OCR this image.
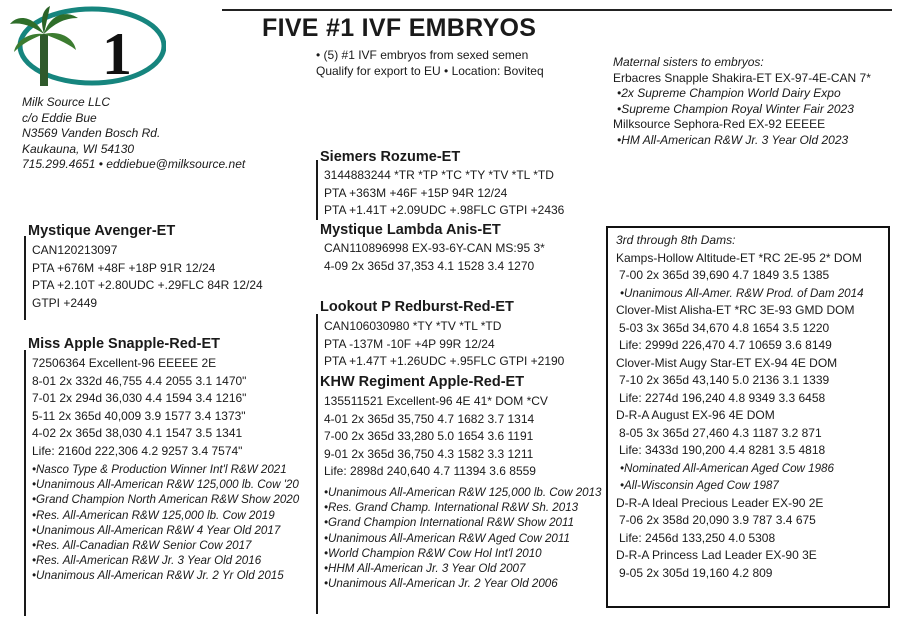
FIVE #1 IVF EMBRYOS
1
Milk Source LLC
c/o Eddie Bue
N3569 Vanden Bosch Rd.
Kaukauna, WI 54130
715.299.4651 • eddiebue@milksource.net
• (5) #1 IVF embryos from sexed semen
Qualify for export to EU • Location: Boviteq
Maternal sisters to embryos:
Erbacres Snapple Shakira-ET EX-97-4E-CAN 7*
•2x Supreme Champion World Dairy Expo
•Supreme Champion Royal Winter Fair 2023
Milksource Sephora-Red EX-92 EEEEE
•HM All-American R&W Jr. 3 Year Old 2023
Mystique Avenger-ET
CAN120213097
PTA +676M +48F +18P 91R 12/24
PTA +2.10T +2.80UDC +.29FLC 84R 12/24
GTPI +2449
Miss Apple Snapple-Red-ET
72506364 Excellent-96 EEEEE 2E
8-01 2x 332d 46,755 4.4 2055 3.1 1470"
7-01 2x 294d 36,030 4.4 1594 3.4 1216"
5-11 2x 365d 40,009 3.9 1577 3.4 1373"
4-02 2x 365d 38,030 4.1 1547 3.5 1341
Life: 2160d 222,306 4.2 9257 3.4 7574"
•Nasco Type & Production Winner Int'l R&W 2021
•Unanimous All-American R&W 125,000 lb. Cow '20
•Grand Champion North American R&W Show 2020
•Res. All-American R&W 125,000 lb. Cow 2019
•Unanimous All-American R&W 4 Year Old 2017
•Res. All-Canadian R&W Senior Cow 2017
•Res. All-American R&W Jr. 3 Year Old 2016
•Unanimous All-American R&W Jr. 2 Yr Old 2015
Siemers Rozume-ET
3144883244 *TR *TP *TC *TY *TV *TL *TD
PTA +363M +46F +15P 94R 12/24
PTA +1.41T +2.09UDC +.98FLC GTPI +2436
Mystique Lambda Anis-ET
CAN110896998 EX-93-6Y-CAN MS:95 3*
4-09 2x 365d 37,353 4.1 1528 3.4 1270
Lookout P Redburst-Red-ET
CAN106030980 *TY *TV *TL *TD
PTA -137M -10F +4P 99R 12/24
PTA +1.47T +1.26UDC +.95FLC GTPI +2190
KHW Regiment Apple-Red-ET
135511521 Excellent-96 4E 41* DOM *CV
4-01 2x 365d 35,750 4.7 1682 3.7 1314
7-00 2x 365d 33,280 5.0 1654 3.6 1191
9-01 2x 365d 36,750 4.3 1582 3.3 1211
Life: 2898d 240,640 4.7 11394 3.6 8559
•Unanimous All-American R&W 125,000 lb. Cow 2013
•Res. Grand Champ. International R&W Sh. 2013
•Grand Champion International R&W Show 2011
•Unanimous All-American R&W Aged Cow 2011
•World Champion R&W Cow Hol Int'l 2010
•HHM All-American Jr. 3 Year Old 2007
•Unanimous All-American Jr. 2 Year Old 2006
3rd through 8th Dams:
Kamps-Hollow Altitude-ET *RC 2E-95 2* DOM
7-00 2x 365d 39,690 4.7 1849 3.5 1385
•Unanimous All-Amer. R&W Prod. of Dam 2014
Clover-Mist Alisha-ET *RC 3E-93 GMD DOM
5-03 3x 365d 34,670 4.8 1654 3.5 1220
Life: 2999d 226,470 4.7 10659 3.6 8149
Clover-Mist Augy Star-ET EX-94 4E DOM
7-10 2x 365d 43,140 5.0 2136 3.1 1339
Life: 2274d 196,240 4.8 9349 3.3 6458
D-R-A August EX-96 4E DOM
8-05 3x 365d 27,460 4.3 1187 3.2 871
Life: 3433d 190,200 4.4 8281 3.5 4818
•Nominated All-American Aged Cow 1986
•All-Wisconsin Aged Cow 1987
D-R-A Ideal Precious Leader EX-90 2E
7-06 2x 358d 20,090 3.9 787 3.4 675
Life: 2456d 133,250 4.0 5308
D-R-A Princess Lad Leader EX-90 3E
9-05 2x 305d 19,160 4.2 809
